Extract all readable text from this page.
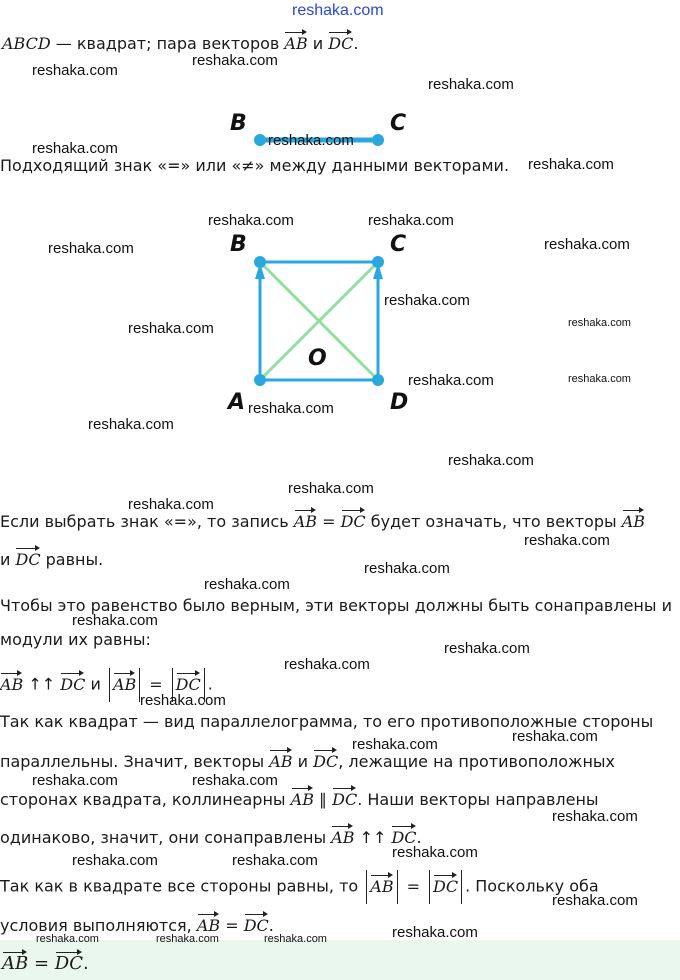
reshaka.com
ABCD — квадрат; пара векторов AB и DC.
B	C
Подходящий знак «=» или «≠» между данными векторами.
B	C
A	D
O
Если выбрать знак «=», то запись AB = DC будет означать, что векторы AB
и DC равны.
Чтобы это равенство было верным, эти векторы должны быть сонаправлены и
модули их равны:
AB ↑↑ DC и AB = DC .
Так как квадрат — вид параллелограмма, то его противоположные стороны
параллельны. Значит, векторы AB и DC, лежащие на противоположных
сторонах квадрата, коллинеарны AB ∥ DC. Наши векторы направлены
одинаково, значит, они сонаправлены AB ↑↑ DC.
Так как в квадрате все стороны равны, то AB = DC . Поскольку оба
условия выполняются, AB = DC.
AB = DC.
reshaka.com
reshaka.com
reshaka.com
reshaka.com	reshaka.com
reshaka.com
reshaka.com	reshaka.com
reshaka.com	reshaka.com
reshaka.com
reshaka.com	reshaka.com
reshaka.com	reshaka.com
reshaka.com
reshaka.com
reshaka.com
reshaka.com
reshaka.com
reshaka.com
reshaka.com
reshaka.com
reshaka.com
reshaka.com
reshaka.com
reshaka.com
reshaka.com
reshaka.com
reshaka.com	reshaka.com
reshaka.com
reshaka.com
reshaka.com	reshaka.com
reshaka.com
reshaka.com
reshaka.com	reshaka.com	reshaka.com
